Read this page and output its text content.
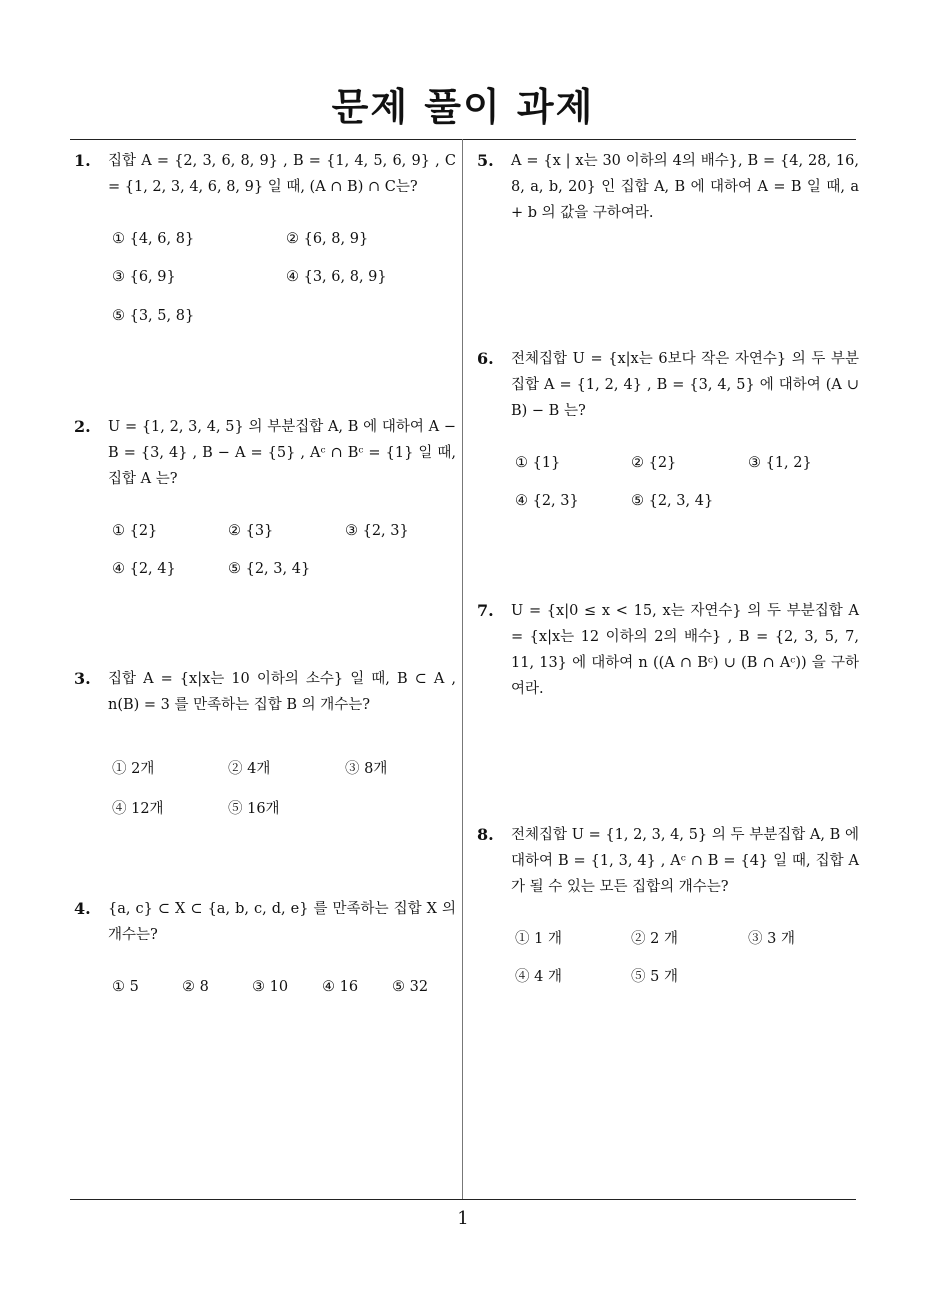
문제 풀이 과제
1. 집합 A = {2, 3, 6, 8, 9} , B = {1, 4, 5, 6, 9} , C = {1, 2, 3, 4, 6, 8, 9} 일 때, (A ∩ B) ∩ C는?
① {4, 6, 8}	② {6, 8, 9}
③ {6, 9}	④ {3, 6, 8, 9}
⑤ {3, 5, 8}
2. U = {1, 2, 3, 4, 5} 의 부분집합 A, B 에 대하여 A − B = {3, 4} , B − A = {5} , Aᶜ ∩ Bᶜ = {1} 일 때, 집합 A 는?
① {2}	② {3}	③ {2, 3}
④ {2, 4}	⑤ {2, 3, 4}
3. 집합 A = {x|x는 10 이하의 소수} 일 때, B ⊂ A , n(B) = 3 를 만족하는 집합 B 의 개수는?
① 2개	② 4개	③ 8개
④ 12개	⑤ 16개
4. {a, c} ⊂ X ⊂ {a, b, c, d, e} 를 만족하는 집합 X 의 개수는?
① 5	② 8	③ 10 ④ 16 ⑤ 32
5. A = {x | x는 30 이하의 4의 배수}, B = {4, 28, 16, 8, a, b, 20} 인 집합 A, B 에 대하여 A = B 일 때, a + b 의 값을 구하여라.
6. 전체집합 U = {x|x는 6보다 작은 자연수} 의 두 부분집합 A = {1, 2, 4} , B = {3, 4, 5} 에 대하여 (A ∪ B) − B 는?
① {1}	② {2}	③ {1, 2}
④ {2, 3}	⑤ {2, 3, 4}
7. U = {x|0 ≤ x < 15, x는 자연수} 의 두 부분집합 A = {x|x는 12 이하의 2의 배수} , B = {2, 3, 5, 7, 11, 13} 에 대하여 n ((A ∩ Bᶜ) ∪ (B ∩ Aᶜ)) 을 구하여라.
8. 전체집합 U = {1, 2, 3, 4, 5} 의 두 부분집합 A, B 에 대하여 B = {1, 3, 4} , Aᶜ ∩ B = {4} 일 때, 집합 A 가 될 수 있는 모든 집합의 개수는?
① 1 개	② 2 개	③ 3 개
④ 4 개	⑤ 5 개
1
